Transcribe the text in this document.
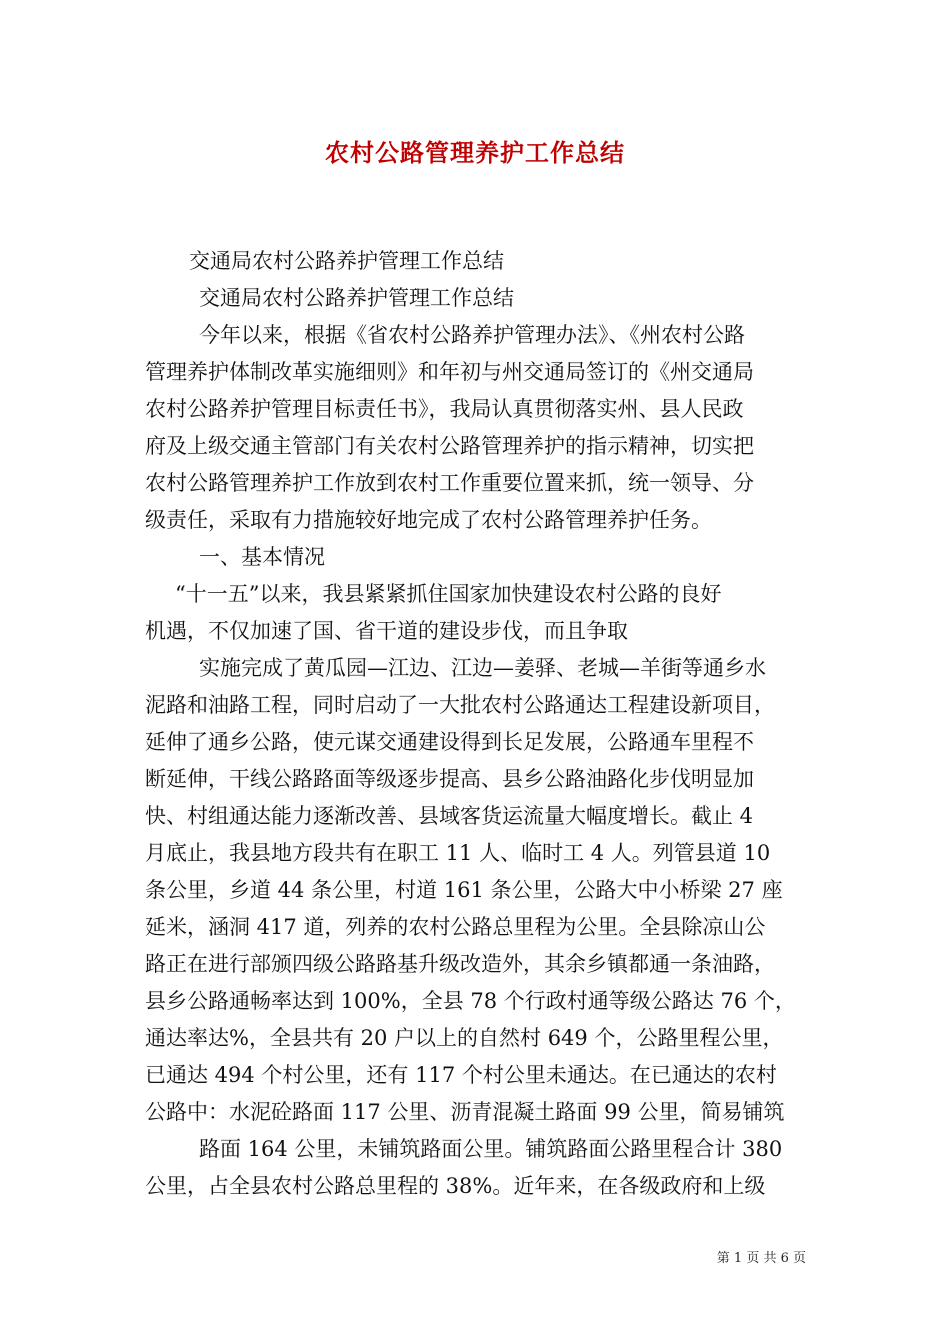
农村公路管理养护工作总结
交通局农村公路养护管理工作总结
交通局农村公路养护管理工作总结
今年以来，根据《省农村公路养护管理办法》、《州农村公路
管理养护体制改革实施细则》和年初与州交通局签订的《州交通局
农村公路养护管理目标责任书》，我局认真贯彻落实州、县人民政
府及上级交通主管部门有关农村公路管理养护的指示精神，切实把
农村公路管理养护工作放到农村工作重要位置来抓，统一领导、分
级责任，采取有力措施较好地完成了农村公路管理养护任务。
一、基本情况
“十一五”以来，我县紧紧抓住国家加快建设农村公路的良好
机遇，不仅加速了国、省干道的建设步伐，而且争取
实施完成了黄瓜园—江边、江边—姜驿、老城—羊街等通乡水
泥路和油路工程，同时启动了一大批农村公路通达工程建设新项目，
延伸了通乡公路，使元谋交通建设得到长足发展，公路通车里程不
断延伸，干线公路路面等级逐步提高、县乡公路油路化步伐明显加
快、村组通达能力逐渐改善、县域客货运流量大幅度增长。截止 4
月底止，我县地方段共有在职工 11 人、临时工 4 人。列管县道 10
条公里，乡道 44 条公里，村道 161 条公里，公路大中小桥梁 27 座
延米，涵洞 417 道，列养的农村公路总里程为公里。全县除凉山公
路正在进行部颁四级公路路基升级改造外，其余乡镇都通一条油路，
县乡公路通畅率达到 100%，全县 78 个行政村通等级公路达 76 个，
通达率达%，全县共有 20 户以上的自然村 649 个，公路里程公里，
已通达 494 个村公里，还有 117 个村公里未通达。在已通达的农村
公路中：水泥砼路面 117 公里、沥青混凝土路面 99 公里，简易铺筑
路面 164 公里，未铺筑路面公里。铺筑路面公路里程合计 380
公里，占全县农村公路总里程的 38%。近年来，在各级政府和上级
第 1 页 共 6 页
